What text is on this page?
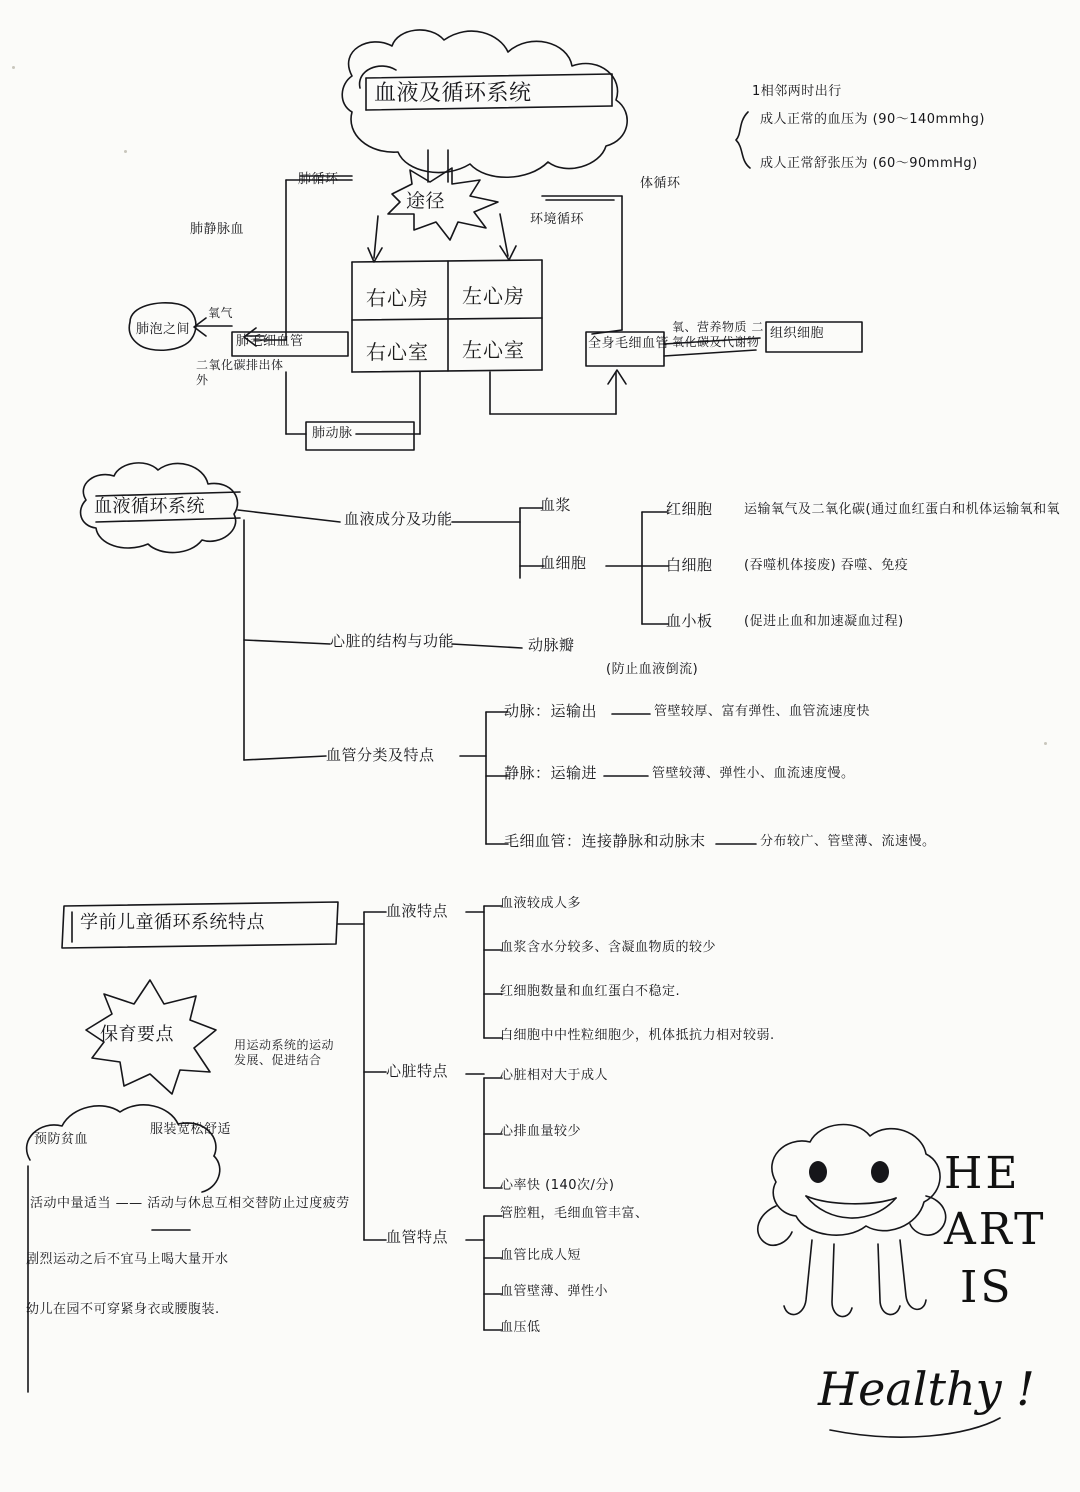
血液及循环系统
途径
肺循环
肺静脉血
体循环
环境循环
肺毛细血管
肺泡之间
氧气
二氧化碳排出体外
肺动脉
全身毛细血管
氧、营养物质 二氧化碳及代谢物
组织细胞
右心房 左心房
右心室 左心室
1相邻两时出行
成人正常的血压为 (90～140mmhg)
成人正常舒张压为 (60～90mmHg)
血液循环系统
血液成分及功能
血浆
血细胞
红细胞 运输氧气及二氧化碳(通过血红蛋白和机体运输氧和氧
白细胞 (吞噬机体接废) 吞噬、免疫
血小板 (促进止血和加速凝血过程)
心脏的结构与功能	动脉瓣
(防止血液倒流)
血管分类及特点
动脉：运输出	管壁较厚、富有弹性、血管流速度快
静脉：运输进	管壁较薄、弹性小、血流速度慢。
毛细血管：连接静脉和动脉末	分布较广、管壁薄、流速慢。
学前儿童循环系统特点
血液特点	血液较成人多
血浆含水分较多、含凝血物质的较少
红细胞数量和血红蛋白不稳定.
白细胞中中性粒细胞少，机体抵抗力相对较弱.
心脏特点	心脏相对大于成人
心排血量较少
心率快 (140次/分)
血管特点
管腔粗，毛细血管丰富、
血管比成人短
血管壁薄、弹性小
血压低
保育要点	用运动系统的运动 发展、促进结合
预防贫血
服装宽松舒适
活动中量适当 —— 活动与休息互相交替防止过度疲劳
剧烈运动之后不宜马上喝大量开水
幼儿在园不可穿紧身衣或腰腹装.
HE
ART
IS
Healthy !
